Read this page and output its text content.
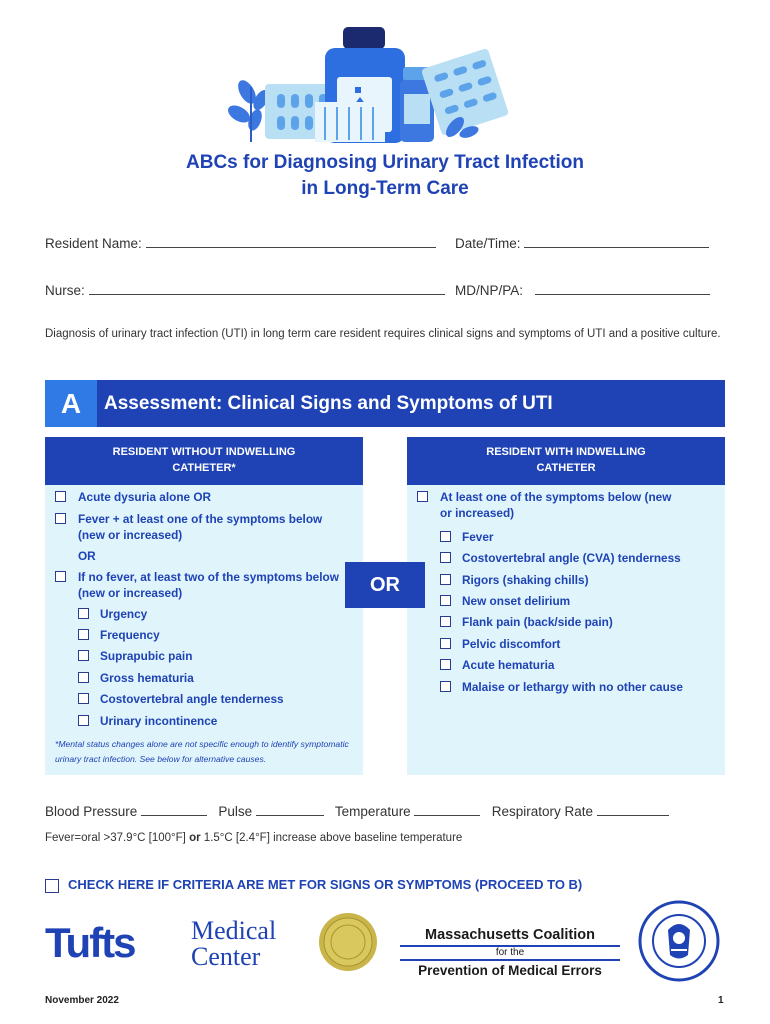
ABCs for Diagnosing Urinary Tract Infection
in Long-Term Care
Resident Name:	Date/Time:
Nurse:	MD/NP/PA:
Diagnosis of urinary tract infection (UTI) in long term care resident requires clinical signs and symptoms of UTI and a positive culture.
A	Assessment: Clinical Signs and Symptoms of UTI
RESIDENT WITHOUT INDWELLING CATHETER*
RESIDENT WITH INDWELLING CATHETER
OR
Acute dysuria alone OR
Fever + at least one of the symptoms below (new or increased)
OR
If no fever, at least two of the symptoms below (new or increased)
Urgency
Frequency
Suprapubic pain
Gross hematuria
Costovertebral angle tenderness
Urinary incontinence
*Mental status changes alone are not specific enough to identify symptomatic urinary tract infection. See below for alternative causes.
At least one of the symptoms below (new or increased)
Fever
Costovertebral angle (CVA) tenderness
Rigors (shaking chills)
New onset delirium
Flank pain (back/side pain)
Pelvic discomfort
Acute hematuria
Malaise or lethargy with no other cause
Blood Pressure	Pulse	Temperature	Respiratory Rate
Fever=oral >37.9°C [100°F] or 1.5°C [2.4°F] increase above baseline temperature
CHECK HERE IF CRITERIA ARE MET FOR SIGNS OR SYMPTOMS (PROCEED TO B)
Tufts Medical
Center
Massachusetts Coalition
for the
Prevention of Medical Errors
November 2022	1
